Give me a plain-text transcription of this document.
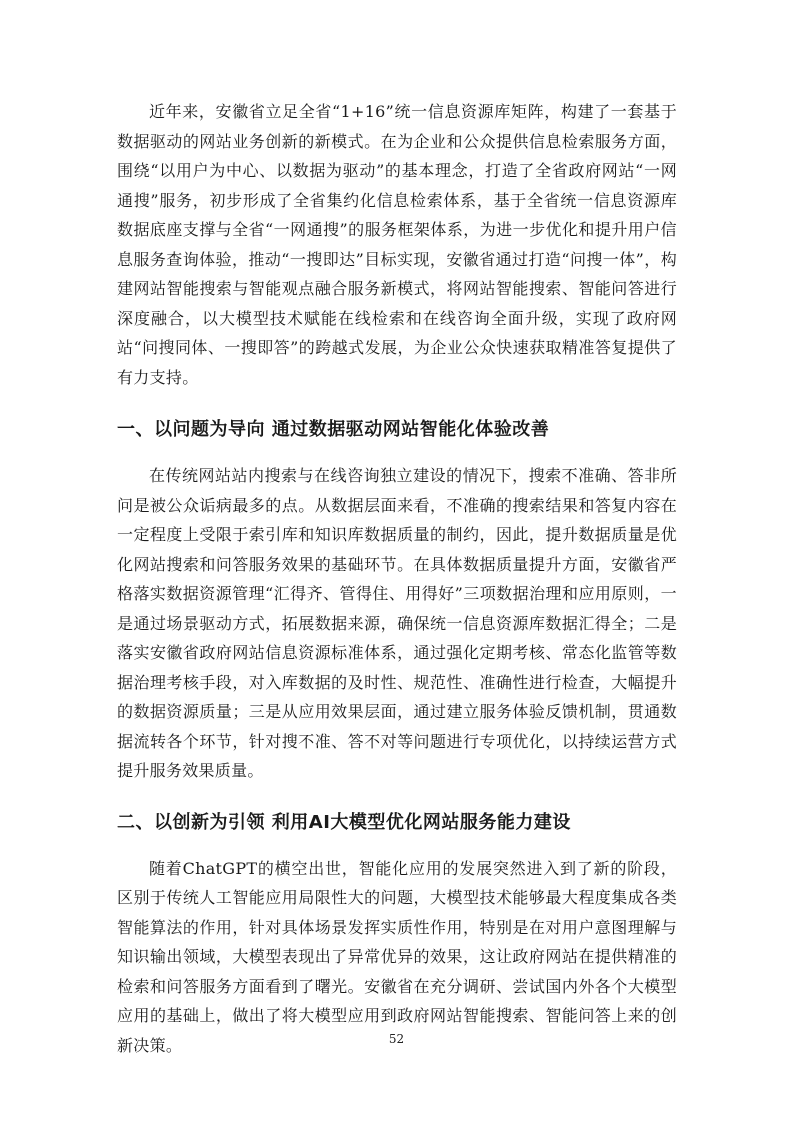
近年来，安徽省立足全省“1+16”统一信息资源库矩阵，构建了一套基于数据驱动的网站业务创新的新模式。在为企业和公众提供信息检索服务方面，围绕“以用户为中心、以数据为驱动”的基本理念，打造了全省政府网站“一网通搜”服务，初步形成了全省集约化信息检索体系，基于全省统一信息资源库数据底座支撑与全省“一网通搜”的服务框架体系，为进一步优化和提升用户信息服务查询体验，推动“一搜即达”目标实现，安徽省通过打造“问搜一体”，构建网站智能搜索与智能观点融合服务新模式，将网站智能搜索、智能问答进行深度融合，以大模型技术赋能在线检索和在线咨询全面升级，实现了政府网站“问搜同体、一搜即答”的跨越式发展，为企业公众快速获取精准答复提供了有力支持。

一、以问题为导向 通过数据驱动网站智能化体验改善

在传统网站站内搜索与在线咨询独立建设的情况下，搜索不准确、答非所问是被公众诟病最多的点。从数据层面来看，不准确的搜索结果和答复内容在一定程度上受限于索引库和知识库数据质量的制约，因此，提升数据质量是优化网站搜索和问答服务效果的基础环节。在具体数据质量提升方面，安徽省严格落实数据资源管理“汇得齐、管得住、用得好”三项数据治理和应用原则，一是通过场景驱动方式，拓展数据来源，确保统一信息资源库数据汇得全；二是落实安徽省政府网站信息资源标准体系，通过强化定期考核、常态化监管等数据治理考核手段，对入库数据的及时性、规范性、准确性进行检查，大幅提升的数据资源质量；三是从应用效果层面，通过建立服务体验反馈机制，贯通数据流转各个环节，针对搜不准、答不对等问题进行专项优化，以持续运营方式提升服务效果质量。

二、以创新为引领 利用AI大模型优化网站服务能力建设

随着ChatGPT的横空出世，智能化应用的发展突然进入到了新的阶段，区别于传统人工智能应用局限性大的问题，大模型技术能够最大程度集成各类智能算法的作用，针对具体场景发挥实质性作用，特别是在对用户意图理解与知识输出领域，大模型表现出了异常优异的效果，这让政府网站在提供精准的检索和问答服务方面看到了曙光。安徽省在充分调研、尝试国内外各个大模型应用的基础上，做出了将大模型应用到政府网站智能搜索、智能问答上来的创新决策。	52
